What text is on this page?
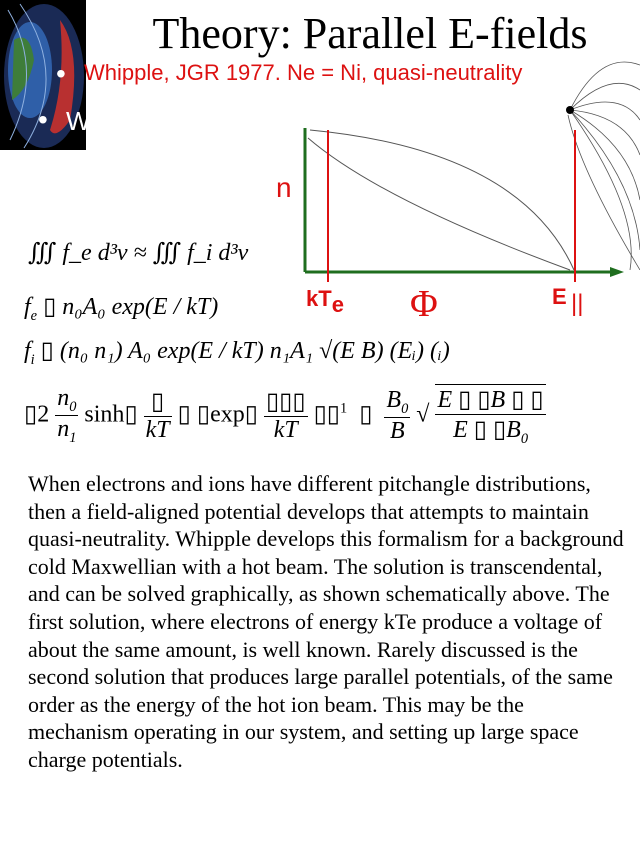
•
• W
Theory: Parallel E-fields
Whipple, JGR 1977. Ne = Ni, quasi-neutrality
n
$kT_e$ Φ	E ||
∭ f_e d³v ≈ ∭ f_i d³v
$f_e$ ▯ n₀A₀ exp(E / kT)
$f_i$ ▯ (n₀ n₁) A₀ exp(E / kT) n₁A₁ √(E B) (Eᵢ) (ᵢ)
▯2 $\frac{n_0}{n_1}$ sinh▯ $\frac{▯}{kT}$ ▯ ▯exp▯ $\frac{▯▯▯}{kT}$ ▯▯$^1$  ▯ $\frac{B_0}{B}$ √ $\frac{E ▯ ▯B ▯ ▯}{E ▯ ▯B_0}$
When electrons and ions have different pitchangle distributions, then a field-aligned potential develops that attempts to maintain quasi-neutrality. Whipple develops this formalism for a background cold Maxwellian with a hot beam. The solution is transcendental, and can be solved graphically, as shown schematically above. The first solution, where electrons of energy kTe produce a voltage of about the same amount, is well known. Rarely discussed is the second solution that produces large parallel potentials, of the same order as the energy of the hot ion beam. This may be the mechanism operating in our system, and setting up large space charge potentials.
